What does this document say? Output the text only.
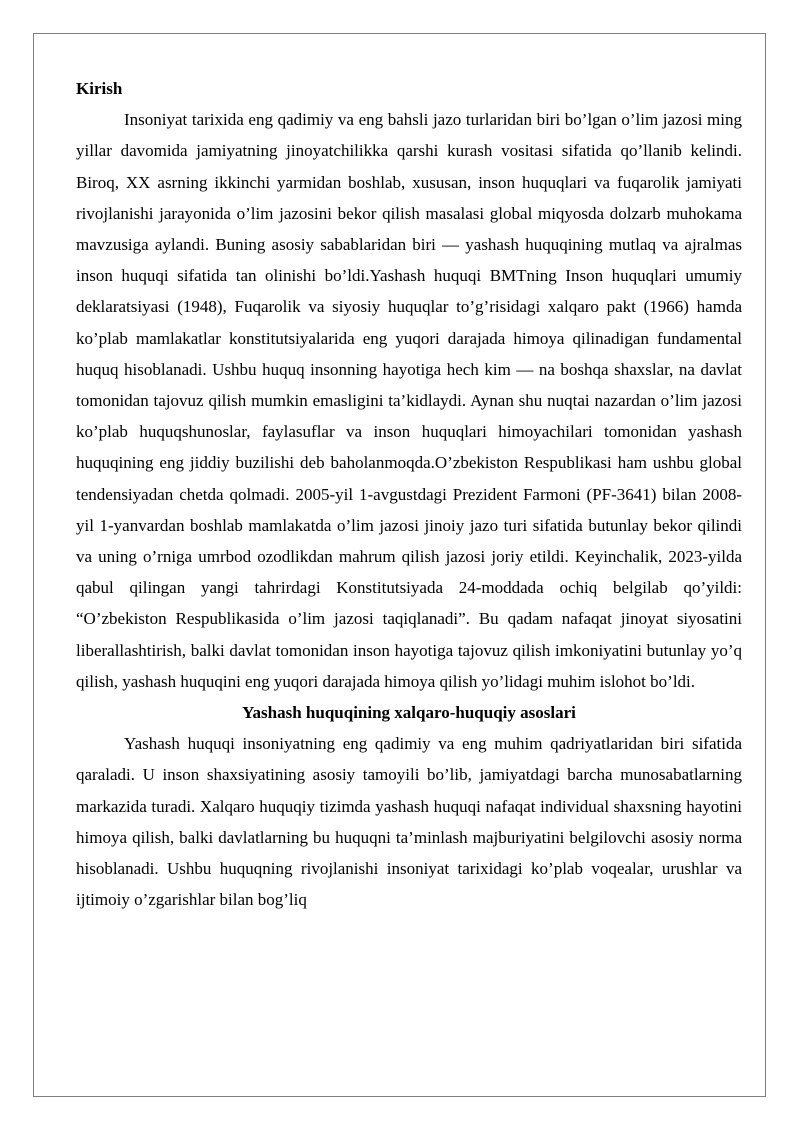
Kirish

Insoniyat tarixida eng qadimiy va eng bahsli jazo turlaridan biri bo’lgan o’lim jazosi ming yillar davomida jamiyatning jinoyatchilikka qarshi kurash vositasi sifatida qo’llanib kelindi. Biroq, XX asrning ikkinchi yarmidan boshlab, xususan, inson huquqlari va fuqarolik jamiyati rivojlanishi jarayonida o’lim jazosini bekor qilish masalasi global miqyosda dolzarb muhokama mavzusiga aylandi. Buning asosiy sabablaridan biri — yashash huquqining mutlaq va ajralmas inson huquqi sifatida tan olinishi bo’ldi.Yashash huquqi BMTning Inson huquqlari umumiy deklaratsiyasi (1948), Fuqarolik va siyosiy huquqlar to’g’risidagi xalqaro pakt (1966) hamda ko’plab mamlakatlar konstitutsiyalarida eng yuqori darajada himoya qilinadigan fundamental huquq hisoblanadi. Ushbu huquq insonning hayotiga hech kim — na boshqa shaxslar, na davlat tomonidan tajovuz qilish mumkin emasligini ta’kidlaydi. Aynan shu nuqtai nazardan o’lim jazosi ko’plab huquqshunoslar, faylasuflar va inson huquqlari himoyachilari tomonidan yashash huquqining eng jiddiy buzilishi deb baholanmoqda.O’zbekiston Respublikasi ham ushbu global tendensiyadan chetda qolmadi. 2005-yil 1-avgustdagi Prezident Farmoni (PF-3641) bilan 2008-yil 1-yanvardan boshlab mamlakatda o’lim jazosi jinoiy jazo turi sifatida butunlay bekor qilindi va uning o’rniga umrbod ozodlikdan mahrum qilish jazosi joriy etildi. Keyinchalik, 2023-yilda qabul qilingan yangi tahrirdagi Konstitutsiyada 24-moddada ochiq belgilab qo’yildi: “O’zbekiston Respublikasida o’lim jazosi taqiqlanadi”. Bu qadam nafaqat jinoyat siyosatini liberallashtirish, balki davlat tomonidan inson hayotiga tajovuz qilish imkoniyatini butunlay yo’q qilish, yashash huquqini eng yuqori darajada himoya qilish yo’lidagi muhim islohot bo’ldi.

Yashash huquqining xalqaro-huquqiy asoslari

Yashash huquqi insoniyatning eng qadimiy va eng muhim qadriyatlaridan biri sifatida qaraladi. U inson shaxsiyatining asosiy tamoyili bo’lib, jamiyatdagi barcha munosabatlarning markazida turadi. Xalqaro huquqiy tizimda yashash huquqi nafaqat individual shaxsning hayotini himoya qilish, balki davlatlarning bu huquqni ta’minlash majburiyatini belgilovchi asosiy norma hisoblanadi. Ushbu huquqning rivojlanishi insoniyat tarixidagi ko’plab voqealar, urushlar va ijtimoiy o’zgarishlar bilan bog’liq
